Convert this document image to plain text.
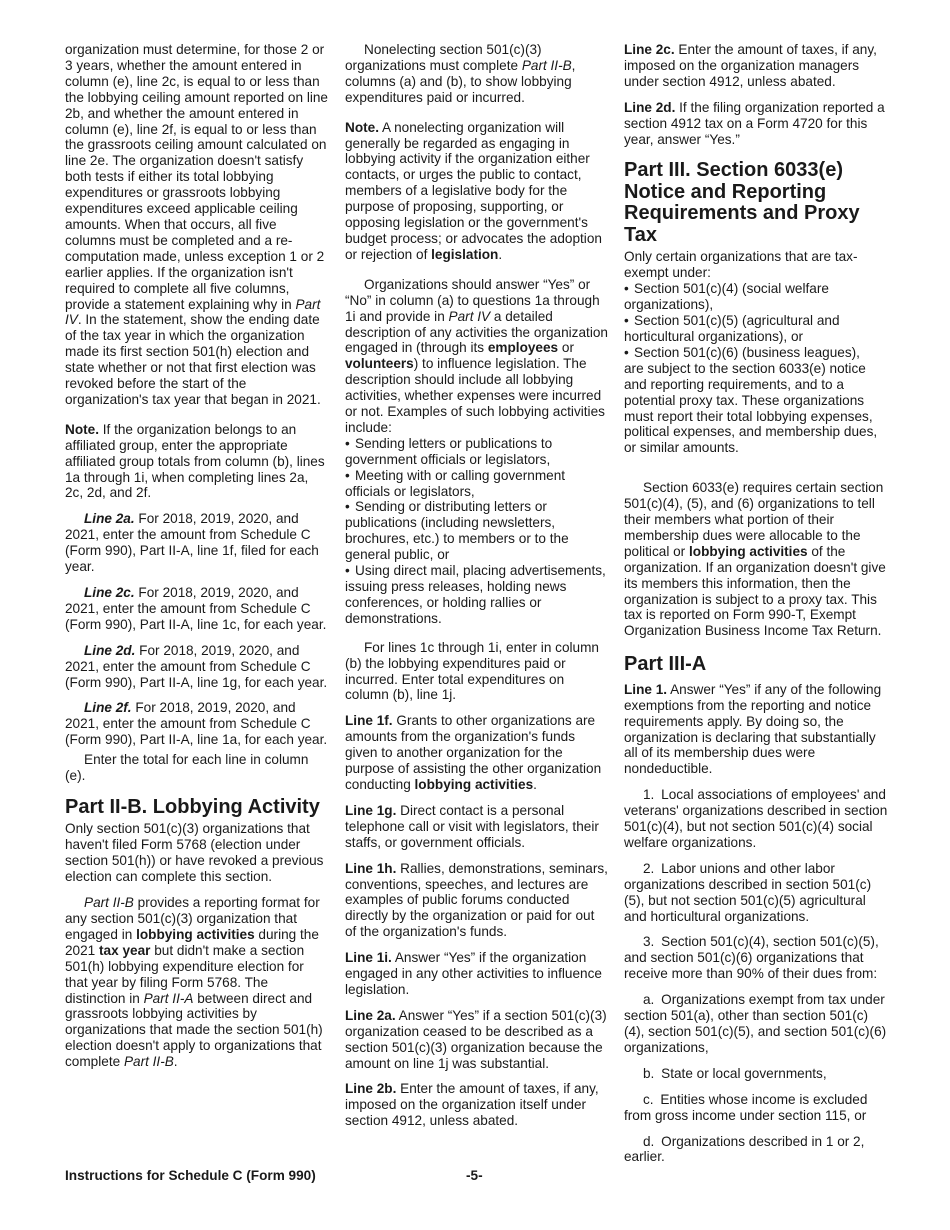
organization must determine, for those 2 or 3 years, whether the amount entered in column (e), line 2c, is equal to or less than the lobbying ceiling amount reported on line 2b, and whether the amount entered in column (e), line 2f, is equal to or less than the grassroots ceiling amount calculated on line 2e. The organization doesn't satisfy both tests if either its total lobbying expenditures or grassroots lobbying expenditures exceed applicable ceiling amounts. When that occurs, all five columns must be completed and a re-computation made, unless exception 1 or 2 earlier applies. If the organization isn't required to complete all five columns, provide a statement explaining why in Part IV. In the statement, show the ending date of the tax year in which the organization made its first section 501(h) election and state whether or not that first election was revoked before the start of the organization's tax year that began in 2021.

Note. If the organization belongs to an affiliated group, enter the appropriate affiliated group totals from column (b), lines 1a through 1i, when completing lines 2a, 2c, 2d, and 2f.

Line 2a. For 2018, 2019, 2020, and 2021, enter the amount from Schedule C (Form 990), Part II-A, line 1f, filed for each year.

Line 2c. For 2018, 2019, 2020, and 2021, enter the amount from Schedule C (Form 990), Part II-A, line 1c, for each year.

Line 2d. For 2018, 2019, 2020, and 2021, enter the amount from Schedule C (Form 990), Part II-A, line 1g, for each year.

Line 2f. For 2018, 2019, 2020, and 2021, enter the amount from Schedule C (Form 990), Part II-A, line 1a, for each year.

Enter the total for each line in column (e).

Part II-B. Lobbying Activity

Only section 501(c)(3) organizations that haven't filed Form 5768 (election under section 501(h)) or have revoked a previous election can complete this section.

Part II-B provides a reporting format for any section 501(c)(3) organization that engaged in lobbying activities during the 2021 tax year but didn't make a section 501(h) lobbying expenditure election for that year by filing Form 5768. The distinction in Part II-A between direct and grassroots lobbying activities by organizations that made the section 501(h) election doesn't apply to organizations that complete Part II-B.

Nonelecting section 501(c)(3) organizations must complete Part II-B, columns (a) and (b), to show lobbying expenditures paid or incurred.

Note. A nonelecting organization will generally be regarded as engaging in lobbying activity if the organization either contacts, or urges the public to contact, members of a legislative body for the purpose of proposing, supporting, or opposing legislation or the government's budget process; or advocates the adoption or rejection of legislation.

Organizations should answer “Yes” or “No” in column (a) to questions 1a through 1i and provide in Part IV a detailed description of any activities the organization engaged in (through its employees or volunteers) to influence legislation. The description should include all lobbying activities, whether expenses were incurred or not. Examples of such lobbying activities include:

• Sending letters or publications to government officials or legislators,

• Meeting with or calling government officials or legislators,

• Sending or distributing letters or publications (including newsletters, brochures, etc.) to members or to the general public, or

• Using direct mail, placing advertisements, issuing press releases, holding news conferences, or holding rallies or demonstrations.

For lines 1c through 1i, enter in column (b) the lobbying expenditures paid or incurred. Enter total expenditures on column (b), line 1j.

Line 1f. Grants to other organizations are amounts from the organization's funds given to another organization for the purpose of assisting the other organization conducting lobbying activities.

Line 1g. Direct contact is a personal telephone call or visit with legislators, their staffs, or government officials.

Line 1h. Rallies, demonstrations, seminars, conventions, speeches, and lectures are examples of public forums conducted directly by the organization or paid for out of the organization's funds.

Line 1i. Answer “Yes” if the organization engaged in any other activities to influence legislation.

Line 2a. Answer “Yes” if a section 501(c)(3) organization ceased to be described as a section 501(c)(3) organization because the amount on line 1j was substantial.

Line 2b. Enter the amount of taxes, if any, imposed on the organization itself under section 4912, unless abated.

Line 2c. Enter the amount of taxes, if any, imposed on the organization managers under section 4912, unless abated.

Line 2d. If the filing organization reported a section 4912 tax on a Form 4720 for this year, answer “Yes.”

Part III. Section 6033(e) Notice and Reporting Requirements and Proxy Tax

Only certain organizations that are tax-exempt under:

• Section 501(c)(4) (social welfare organizations),

• Section 501(c)(5) (agricultural and horticultural organizations), or

• Section 501(c)(6) (business leagues),

are subject to the section 6033(e) notice and reporting requirements, and to a potential proxy tax. These organizations must report their total lobbying expenses, political expenses, and membership dues, or similar amounts.

Section 6033(e) requires certain section 501(c)(4), (5), and (6) organizations to tell their members what portion of their membership dues were allocable to the political or lobbying activities of the organization. If an organization doesn't give its members this information, then the organization is subject to a proxy tax. This tax is reported on Form 990-T, Exempt Organization Business Income Tax Return.

Part III-A

Line 1. Answer “Yes” if any of the following exemptions from the reporting and notice requirements apply. By doing so, the organization is declaring that substantially all of its membership dues were nondeductible.

1. Local associations of employees' and veterans' organizations described in section 501(c)(4), but not section 501(c)(4) social welfare organizations.

2. Labor unions and other labor organizations described in section 501(c)(5), but not section 501(c)(5) agricultural and horticultural organizations.

3. Section 501(c)(4), section 501(c)(5), and section 501(c)(6) organizations that receive more than 90% of their dues from:

a. Organizations exempt from tax under section 501(a), other than section 501(c)(4), section 501(c)(5), and section 501(c)(6) organizations,

b. State or local governments,

c. Entities whose income is excluded from gross income under section 115, or

d. Organizations described in 1 or 2, earlier.

Instructions for Schedule C (Form 990)	-5-
